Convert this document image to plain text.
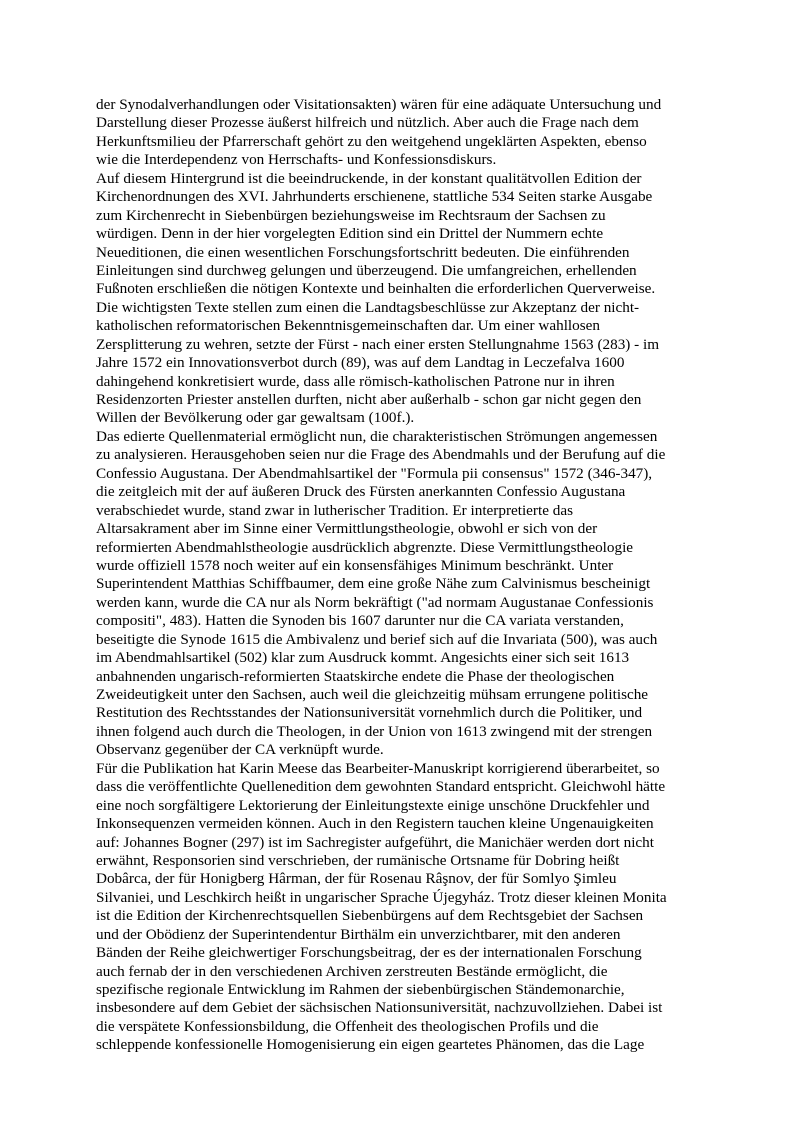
der Synodalverhandlungen oder Visitationsakten) wären für eine adäquate Untersuchung und
Darstellung dieser Prozesse äußerst hilfreich und nützlich. Aber auch die Frage nach dem
Herkunftsmilieu der Pfarrerschaft gehört zu den weitgehend ungeklärten Aspekten, ebenso
wie die Interdependenz von Herrschafts- und Konfessionsdiskurs.
Auf diesem Hintergrund ist die beeindruckende, in der konstant qualitätvollen Edition der
Kirchenordnungen des XVI. Jahrhunderts erschienene, stattliche 534 Seiten starke Ausgabe
zum Kirchenrecht in Siebenbürgen beziehungsweise im Rechtsraum der Sachsen zu
würdigen. Denn in der hier vorgelegten Edition sind ein Drittel der Nummern echte
Neueditionen, die einen wesentlichen Forschungsfortschritt bedeuten. Die einführenden
Einleitungen sind durchweg gelungen und überzeugend. Die umfangreichen, erhellenden
Fußnoten erschließen die nötigen Kontexte und beinhalten die erforderlichen Querverweise.
Die wichtigsten Texte stellen zum einen die Landtagsbeschlüsse zur Akzeptanz der nicht-
katholischen reformatorischen Bekenntnisgemeinschaften dar. Um einer wahllosen
Zersplitterung zu wehren, setzte der Fürst - nach einer ersten Stellungnahme 1563 (283) - im
Jahre 1572 ein Innovationsverbot durch (89), was auf dem Landtag in Leczefalva 1600
dahingehend konkretisiert wurde, dass alle römisch-katholischen Patrone nur in ihren
Residenzorten Priester anstellen durften, nicht aber außerhalb - schon gar nicht gegen den
Willen der Bevölkerung oder gar gewaltsam (100f.).
Das edierte Quellenmaterial ermöglicht nun, die charakteristischen Strömungen angemessen
zu analysieren. Herausgehoben seien nur die Frage des Abendmahls und der Berufung auf die
Confessio Augustana. Der Abendmahlsartikel der "Formula pii consensus" 1572 (346-347),
die zeitgleich mit der auf äußeren Druck des Fürsten anerkannten Confessio Augustana
verabschiedet wurde, stand zwar in lutherischer Tradition. Er interpretierte das
Altarsakrament aber im Sinne einer Vermittlungstheologie, obwohl er sich von der
reformierten Abendmahlstheologie ausdrücklich abgrenzte. Diese Vermittlungstheologie
wurde offiziell 1578 noch weiter auf ein konsensfähiges Minimum beschränkt. Unter
Superintendent Matthias Schiffbaumer, dem eine große Nähe zum Calvinismus bescheinigt
werden kann, wurde die CA nur als Norm bekräftigt ("ad normam Augustanae Confessionis
compositi", 483). Hatten die Synoden bis 1607 darunter nur die CA variata verstanden,
beseitigte die Synode 1615 die Ambivalenz und berief sich auf die Invariata (500), was auch
im Abendmahlsartikel (502) klar zum Ausdruck kommt. Angesichts einer sich seit 1613
anbahnenden ungarisch-reformierten Staatskirche endete die Phase der theologischen
Zweideutigkeit unter den Sachsen, auch weil die gleichzeitig mühsam errungene politische
Restitution des Rechtsstandes der Nationsuniversität vornehmlich durch die Politiker, und
ihnen folgend auch durch die Theologen, in der Union von 1613 zwingend mit der strengen
Observanz gegenüber der CA verknüpft wurde.
Für die Publikation hat Karin Meese das Bearbeiter-Manuskript korrigierend überarbeitet, so
dass die veröffentlichte Quellenedition dem gewohnten Standard entspricht. Gleichwohl hätte
eine noch sorgfältigere Lektorierung der Einleitungstexte einige unschöne Druckfehler und
Inkonsequenzen vermeiden können. Auch in den Registern tauchen kleine Ungenauigkeiten
auf: Johannes Bogner (297) ist im Sachregister aufgeführt, die Manichäer werden dort nicht
erwähnt, Responsorien sind verschrieben, der rumänische Ortsname für Dobring heißt
Dobârca, der für Honigberg Hârman, der für Rosenau Râşnov, der für Somlyo Şimleu
Silvaniei, und Leschkirch heißt in ungarischer Sprache Újegyház. Trotz dieser kleinen Monita
ist die Edition der Kirchenrechtsquellen Siebenbürgens auf dem Rechtsgebiet der Sachsen
und der Obödienz der Superintendentur Birthälm ein unverzichtbarer, mit den anderen
Bänden der Reihe gleichwertiger Forschungsbeitrag, der es der internationalen Forschung
auch fernab der in den verschiedenen Archiven zerstreuten Bestände ermöglicht, die
spezifische regionale Entwicklung im Rahmen der siebenbürgischen Ständemonarchie,
insbesondere auf dem Gebiet der sächsischen Nationsuniversität, nachzuvollziehen. Dabei ist
die verspätete Konfessionsbildung, die Offenheit des theologischen Profils und die
schleppende konfessionelle Homogenisierung ein eigen geartetes Phänomen, das die Lage
